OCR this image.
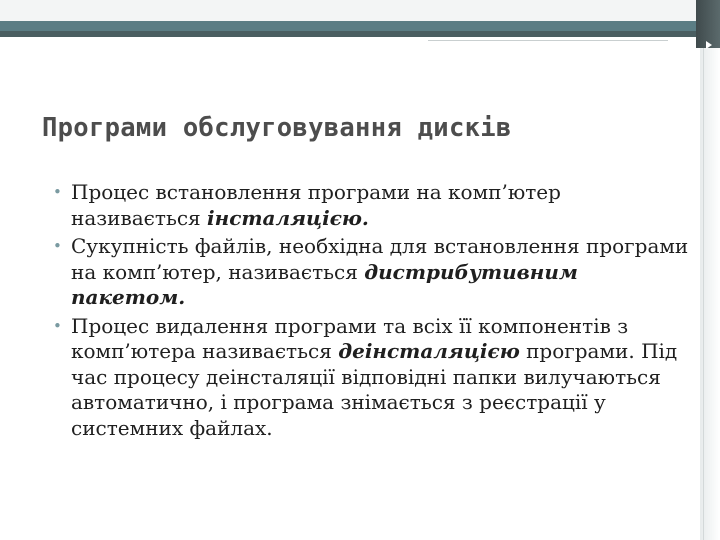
Програми обслуговування дисків
• Процес встановлення програми на комп’ютер називається інсталяцією.
• Сукупність файлів, необхідна для встановлення програми на комп’ютер, називається дистрибутивним пакетом.
• Процес видалення програми та всіх її компонентів з комп’ютера називається деінсталяцією програми. Під час процесу деінсталяції відповідні папки вилучаються автоматично, і програма знімається з реєстрації у системних файлах.
